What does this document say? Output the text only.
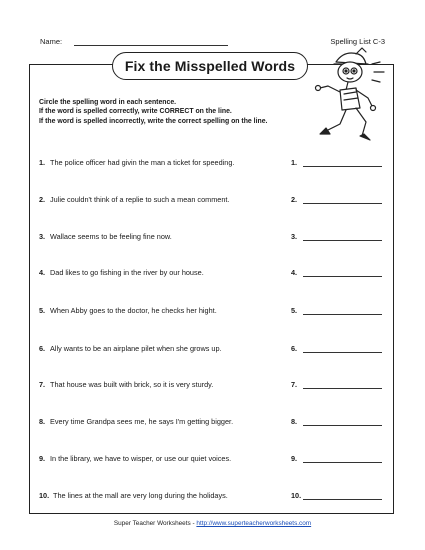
Name:	Spelling List C-3
Fix the Misspelled Words
Circle the spelling word in each sentence.
If the word is spelled correctly, write CORRECT on the line.
If the word is spelled incorrectly, write the correct spelling on the line.
1. The police officer had givin the man a ticket for speeding.	1.
2. Julie couldn't think of a replie to such a mean comment.	2.
3. Wallace seems to be feeling fine now.	3.
4. Dad likes to go fishing in the river by our house.	4.
5. When Abby goes to the doctor, he checks her hight.	5.
6. Ally wants to be an airplane pilet when she grows up.	6.
7. That house was built with brick, so it is very sturdy.	7.
8. Every time Grandpa sees me, he says I'm getting bigger.	8.
9. In the library, we have to wisper, or use our quiet voices.	9.
10. The lines at the mall are very long during the holidays.	10.
Super Teacher Worksheets - http://www.superteacherworksheets.com
